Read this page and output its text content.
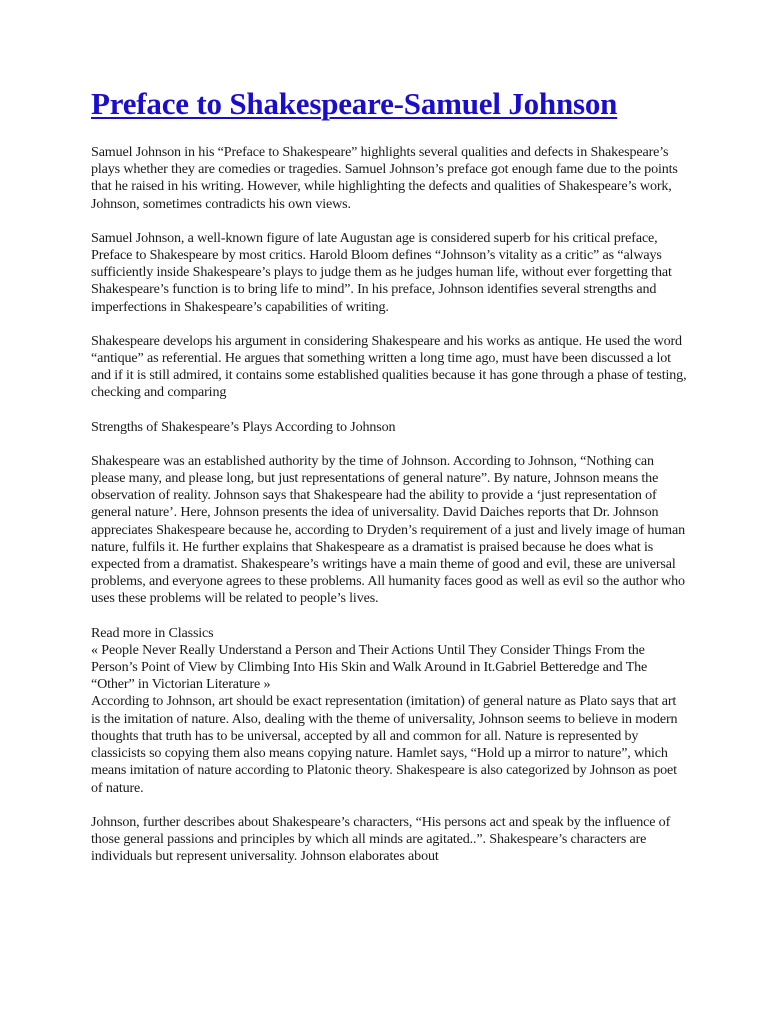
Preface to Shakespeare-Samuel Johnson

Samuel Johnson in his “Preface to Shakespeare” highlights several qualities and defects in Shakespeare’s plays whether they are comedies or tragedies. Samuel Johnson’s preface got enough fame due to the points that he raised in his writing. However, while highlighting the defects and qualities of Shakespeare’s work, Johnson, sometimes contradicts his own views.

Samuel Johnson, a well-known figure of late Augustan age is considered superb for his critical preface, Preface to Shakespeare by most critics. Harold Bloom defines “Johnson’s vitality as a critic” as “always sufficiently inside Shakespeare’s plays to judge them as he judges human life, without ever forgetting that Shakespeare’s function is to bring life to mind”. In his preface, Johnson identifies several strengths and imperfections in Shakespeare’s capabilities of writing.

Shakespeare develops his argument in considering Shakespeare and his works as antique. He used the word “antique” as referential. He argues that something written a long time ago, must have been discussed a lot and if it is still admired, it contains some established qualities because it has gone through a phase of testing, checking and comparing

Strengths of Shakespeare’s Plays According to Johnson

Shakespeare was an established authority by the time of Johnson. According to Johnson, “Nothing can please many, and please long, but just representations of general nature”. By nature, Johnson means the observation of reality. Johnson says that Shakespeare had the ability to provide a ‘just representation of general nature’. Here, Johnson presents the idea of universality. David Daiches reports that Dr. Johnson appreciates Shakespeare because he, according to Dryden’s requirement of a just and lively image of human nature, fulfils it. He further explains that Shakespeare as a dramatist is praised because he does what is expected from a dramatist. Shakespeare’s writings have a main theme of good and evil, these are universal problems, and everyone agrees to these problems. All humanity faces good as well as evil so the author who uses these problems will be related to people’s lives.

Read more in Classics
« People Never Really Understand a Person and Their Actions Until They Consider Things From the Person’s Point of View by Climbing Into His Skin and Walk Around in It.Gabriel Betteredge and The “Other” in Victorian Literature »
According to Johnson, art should be exact representation (imitation) of general nature as Plato says that art is the imitation of nature. Also, dealing with the theme of universality, Johnson seems to believe in modern thoughts that truth has to be universal, accepted by all and common for all. Nature is represented by classicists so copying them also means copying nature. Hamlet says, “Hold up a mirror to nature”, which means imitation of nature according to Platonic theory. Shakespeare is also categorized by Johnson as poet of nature.

Johnson, further describes about Shakespeare’s characters, “His persons act and speak by the influence of those general passions and principles by which all minds are agitated..”. Shakespeare’s characters are individuals but represent universality. Johnson elaborates about
